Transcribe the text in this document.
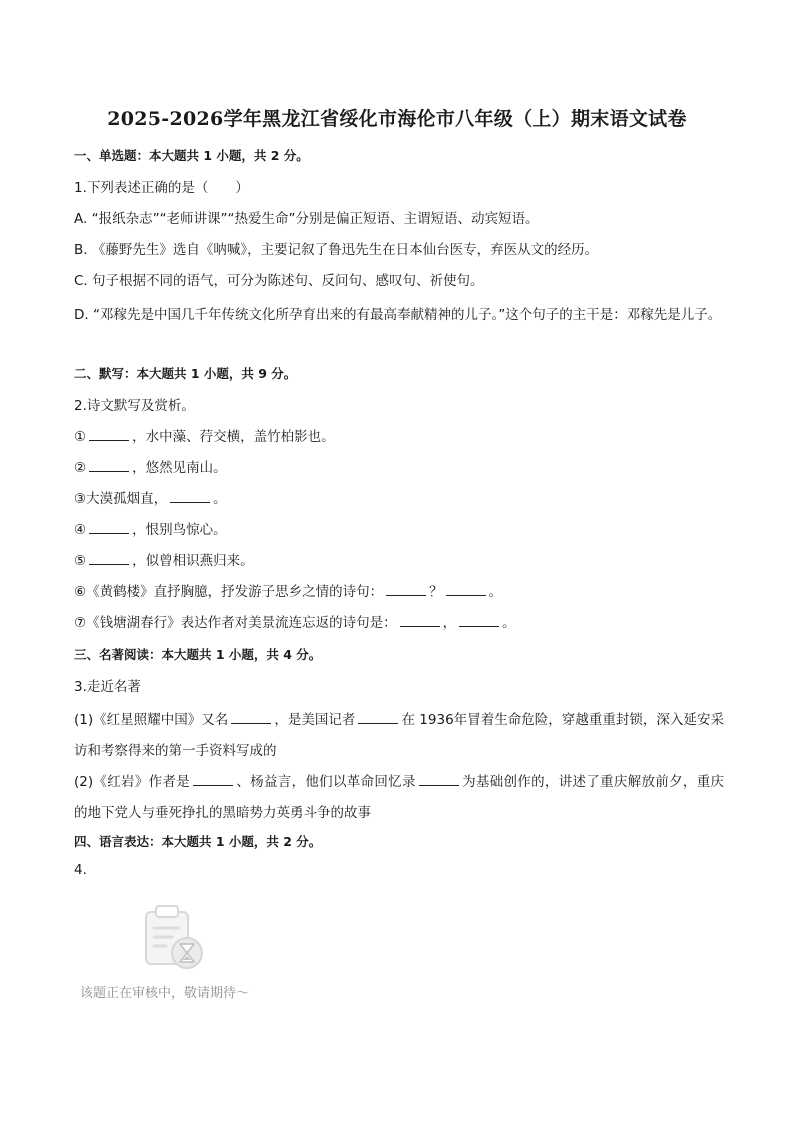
2025-2026学年黑龙江省绥化市海伦市八年级（上）期末语文试卷

一、单选题：本大题共 1 小题，共 2 分。

1.下列表述正确的是（　　）

A. “报纸杂志”“老师讲课”“热爱生命”分别是偏正短语、主谓短语、动宾短语。

B. 《藤野先生》选自《呐喊》，主要记叙了鲁迅先生在日本仙台医专，弃医从文的经历。

C. 句子根据不同的语气，可分为陈述句、反问句、感叹句、祈使句。

D. “邓稼先是中国几千年传统文化所孕育出来的有最高奉献精神的儿子。”这个句子的主干是：邓稼先是儿子。

二、默写：本大题共 1 小题，共 9 分。

2.诗文默写及赏析。

①	，水中藻、荇交横，盖竹柏影也。

②	，悠然见南山。

③大漠孤烟直，	。

④	，恨别鸟惊心。

⑤	，似曾相识燕归来。

⑥《黄鹤楼》直抒胸臆，抒发游子思乡之情的诗句：	？	。

⑦《钱塘湖春行》表达作者对美景流连忘返的诗句是：	，	。

三、名著阅读：本大题共 1 小题，共 4 分。

3.走近名著

(1)《红星照耀中国》又名	，是美国记者	在 1936年冒着生命危险，穿越重重封锁，深入延安采访和考察得来的第一手资料写成的

(2)《红岩》作者是	、杨益言，他们以革命回忆录	为基础创作的，讲述了重庆解放前夕，重庆的地下党人与垂死挣扎的黑暗势力英勇斗争的故事

四、语言表达：本大题共 1 小题，共 2 分。

4.

该题正在审核中，敬请期待～
